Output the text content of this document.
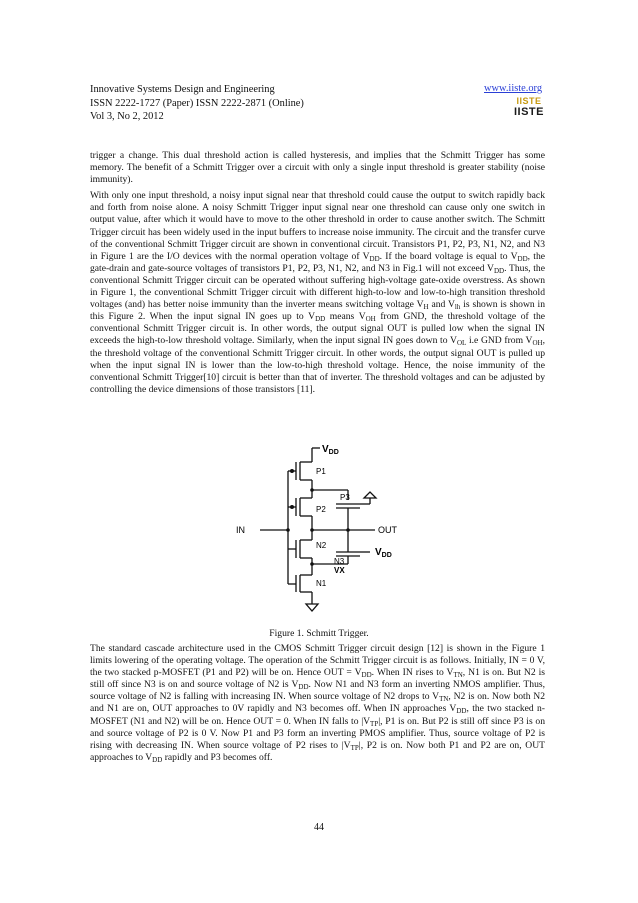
Innovative Systems Design and Engineering
ISSN 2222-1727 (Paper) ISSN 2222-2871 (Online)
Vol 3, No 2, 2012
www.iiste.org
IISTE
IISTE

trigger a change. This dual threshold action is called hysteresis, and implies that the Schmitt Trigger has some memory. The benefit of a Schmitt Trigger over a circuit with only a single input threshold is greater stability (noise immunity).

With only one input threshold, a noisy input signal near that threshold could cause the output to switch rapidly back and forth from noise alone. A noisy Schmitt Trigger input signal near one threshold can cause only one switch in output value, after which it would have to move to the other threshold in order to cause another switch. The Schmitt Trigger circuit has been widely used in the input buffers to increase noise immunity. The circuit and the transfer curve of the conventional Schmitt Trigger circuit are shown in conventional circuit. Transistors P1, P2, P3, N1, N2, and N3 in Figure 1 are the I/O devices with the normal operation voltage of $V_{DD}$. If the board voltage is equal to $V_{DD}$, the gate-drain and gate-source voltages of transistors P1, P2, P3, N1, N2, and N3 in Fig.1 will not exceed $V_{DD}$. Thus, the conventional Schmitt Trigger circuit can be operated without suffering high-voltage gate-oxide overstress. As shown in Figure 1, the conventional Schmitt Trigger circuit with different high-to-low and low-to-high transition threshold voltages (and) has better noise immunity than the inverter means switching voltage $V_H$ and $V_{lh}$ is shown is shown in this Figure 2. When the input signal IN goes up to $V_{DD}$ means $V_{OH}$ from GND, the threshold voltage of the conventional Schmitt Trigger circuit is. In other words, the output signal OUT is pulled low when the signal IN exceeds the high-to-low threshold voltage. Similarly, when the input signal IN goes down to $V_{OL}$ i.e GND from $V_{OH}$, the threshold voltage of the conventional Schmitt Trigger circuit. In other words, the output signal OUT is pulled up when the input signal IN is lower than the low-to-high threshold voltage. Hence, the noise immunity of the conventional Schmitt Trigger[10] circuit is better than that of inverter. The threshold voltages and can be adjusted by controlling the device dimensions of those transistors [11].

$V_{DD}$
P1
P3
P2
IN	OUT
N2
$V_{DD}$
N3
VX
N1
Figure 1. Schmitt Trigger.

The standard cascade architecture used in the CMOS Schmitt Trigger circuit design [12] is shown in the Figure 1 limits lowering of the operating voltage. The operation of the Schmitt Trigger circuit is as follows. Initially, IN = 0 V, the two stacked p-MOSFET (P1 and P2) will be on. Hence OUT = $V_{DD}$. When IN rises to $V_{TN}$, N1 is on. But N2 is still off since N3 is on and source voltage of N2 is $V_{DD}$. Now N1 and N3 form an inverting NMOS amplifier. Thus, source voltage of N2 is falling with increasing IN. When source voltage of N2 drops to $V_{TN}$, N2 is on. Now both N2 and N1 are on, OUT approaches to 0V rapidly and N3 becomes off. When IN approaches $V_{DD}$, the two stacked n-MOSFET (N1 and N2) will be on. Hence OUT = 0. When IN falls to $|V_{TP}|$, P1 is on. But P2 is still off since P3 is on and source voltage of P2 is 0 V. Now P1 and P3 form an inverting PMOS amplifier. Thus, source voltage of P2 is rising with decreasing IN. When source voltage of P2 rises to $|V_{TP}|$, P2 is on. Now both P1 and P2 are on, OUT approaches to $V_{DD}$ rapidly and P3 becomes off.

44
